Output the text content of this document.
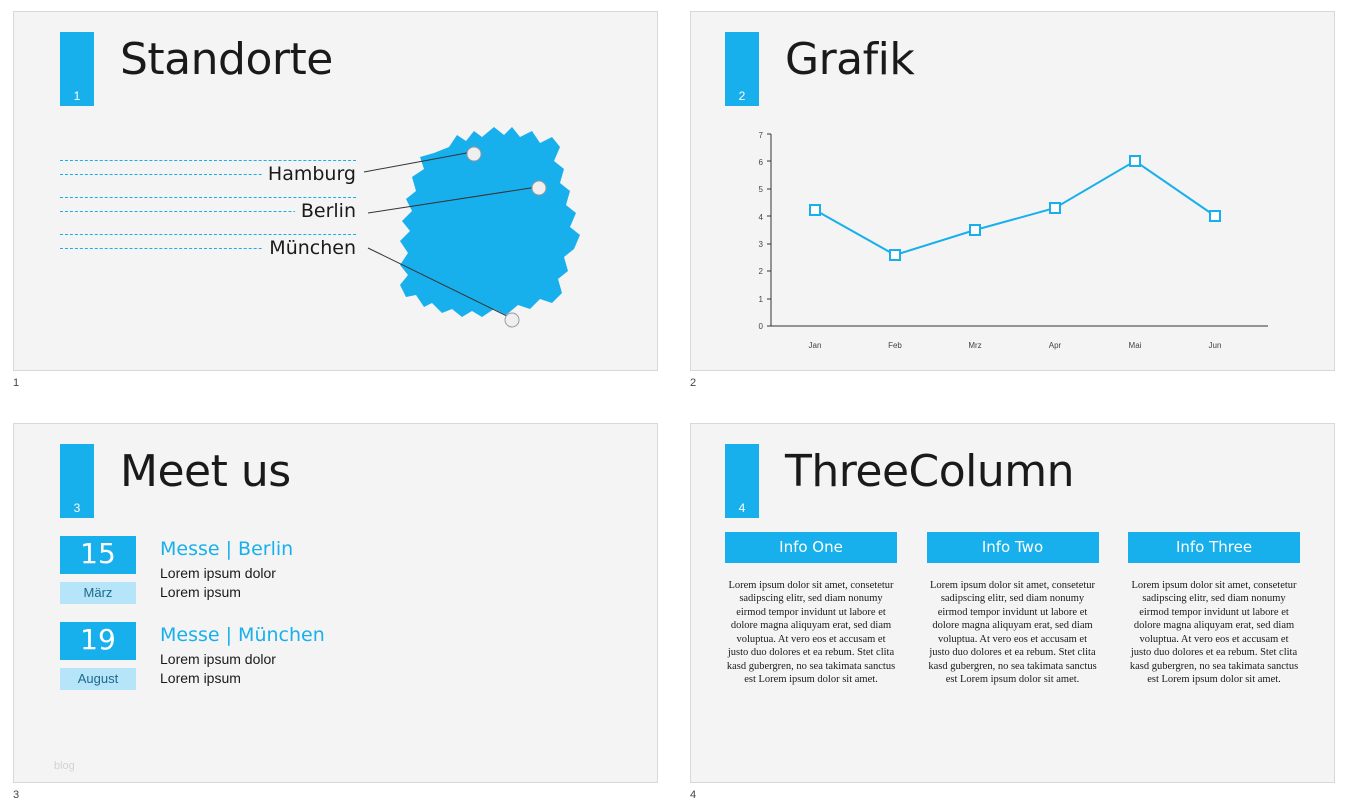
1
Standorte
Hamburg
Berlin
München
1
2
Grafik
7
6
5
4
3
2
1
0
Jan	Feb	Mrz	Apr	Mai	Jun
2
3
Meet us
15
März
Messe | Berlin
Lorem ipsum dolor
Lorem ipsum
19
August
Messe | München
Lorem ipsum dolor
Lorem ipsum
blog
3
4
ThreeColumn
Info One
Lorem ipsum dolor sit amet, consetetur sadipscing elitr, sed diam nonumy eirmod tempor invidunt ut labore et dolore magna aliquyam erat, sed diam voluptua. At vero eos et accusam et justo duo dolores et ea rebum. Stet clita kasd gubergren, no sea takimata sanctus est Lorem ipsum dolor sit amet.
Info Two
Lorem ipsum dolor sit amet, consetetur sadipscing elitr, sed diam nonumy eirmod tempor invidunt ut labore et dolore magna aliquyam erat, sed diam voluptua. At vero eos et accusam et justo duo dolores et ea rebum. Stet clita kasd gubergren, no sea takimata sanctus est Lorem ipsum dolor sit amet.
Info Three
Lorem ipsum dolor sit amet, consetetur sadipscing elitr, sed diam nonumy eirmod tempor invidunt ut labore et dolore magna aliquyam erat, sed diam voluptua. At vero eos et accusam et justo duo dolores et ea rebum. Stet clita kasd gubergren, no sea takimata sanctus est Lorem ipsum dolor sit amet.
4
